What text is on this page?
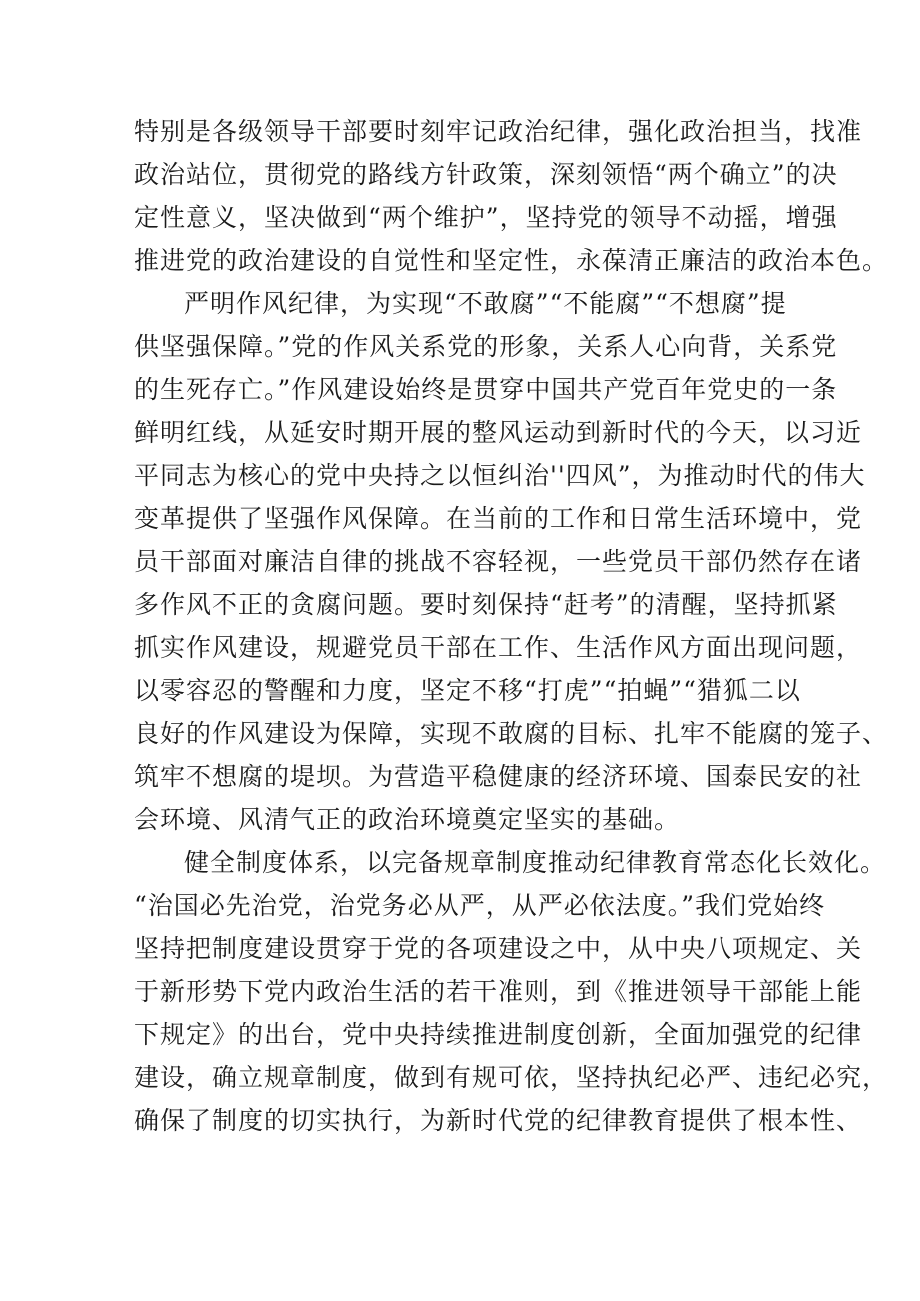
特别是各级领导干部要时刻牢记政治纪律，强化政治担当，找准
政治站位，贯彻党的路线方针政策，深刻领悟“两个确立”的决
定性意义，坚决做到“两个维护”，坚持党的领导不动摇，增强
推进党的政治建设的自觉性和坚定性，永葆清正廉洁的政治本色。
严明作风纪律，为实现“不敢腐”“不能腐”“不想腐”提
供坚强保障。”党的作风关系党的形象，关系人心向背，关系党
的生死存亡。”作风建设始终是贯穿中国共产党百年党史的一条
鲜明红线，从延安时期开展的整风运动到新时代的今天，以习近
平同志为核心的党中央持之以恒纠治''四风”，为推动时代的伟大
变革提供了坚强作风保障。在当前的工作和日常生活环境中，党
员干部面对廉洁自律的挑战不容轻视，一些党员干部仍然存在诸
多作风不正的贪腐问题。要时刻保持“赶考”的清醒，坚持抓紧
抓实作风建设，规避党员干部在工作、生活作风方面出现问题，
以零容忍的警醒和力度，坚定不移“打虎”“拍蝇”“猎狐二以
良好的作风建设为保障，实现不敢腐的目标、扎牢不能腐的笼子、
筑牢不想腐的堤坝。为营造平稳健康的经济环境、国泰民安的社
会环境、风清气正的政治环境奠定坚实的基础。
健全制度体系，以完备规章制度推动纪律教育常态化长效化。
“治国必先治党，治党务必从严，从严必依法度。”我们党始终
坚持把制度建设贯穿于党的各项建设之中，从中央八项规定、关
于新形势下党内政治生活的若干准则，到《推进领导干部能上能
下规定》的出台，党中央持续推进制度创新，全面加强党的纪律
建设，确立规章制度，做到有规可依，坚持执纪必严、违纪必究，
确保了制度的切实执行，为新时代党的纪律教育提供了根本性、
